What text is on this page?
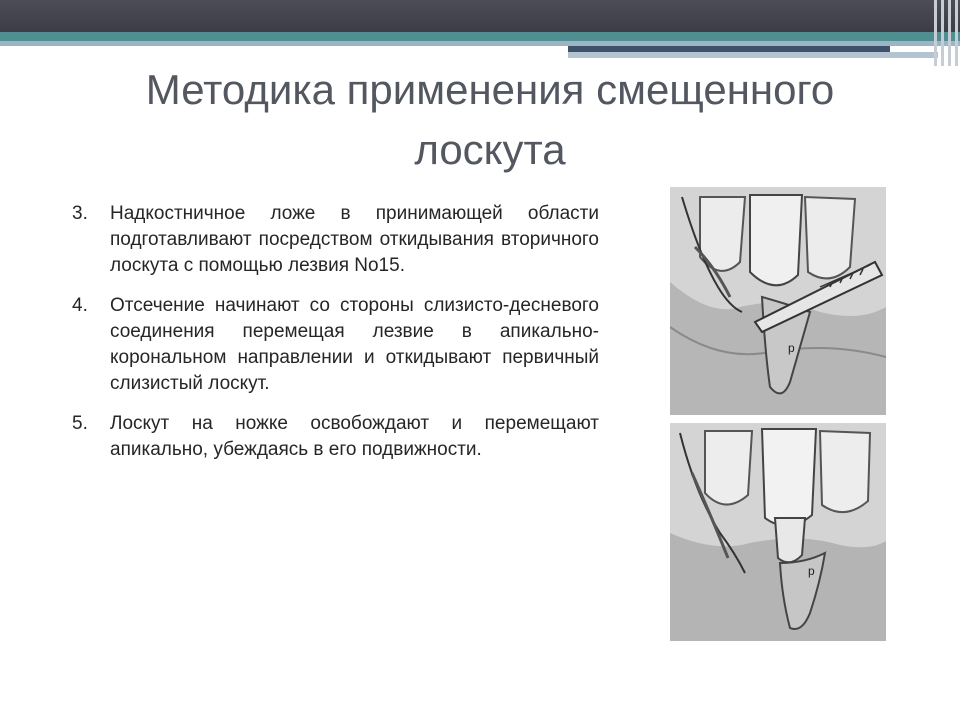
Методика применения смещенного
лоскута
3.	Надкостничное ложе в принимающей области подготавливают посредством откидывания вторичного лоскута с помощью лезвия No15.
4.	Отсечение начинают со стороны слизисто-десневого соединения перемещая лезвие в апикально-корональном направлении и откидывают первичный слизистый лоскут.
5.	Лоскут на ножке освобождают и перемещают апикально, убеждаясь в его подвижности.
p
p
